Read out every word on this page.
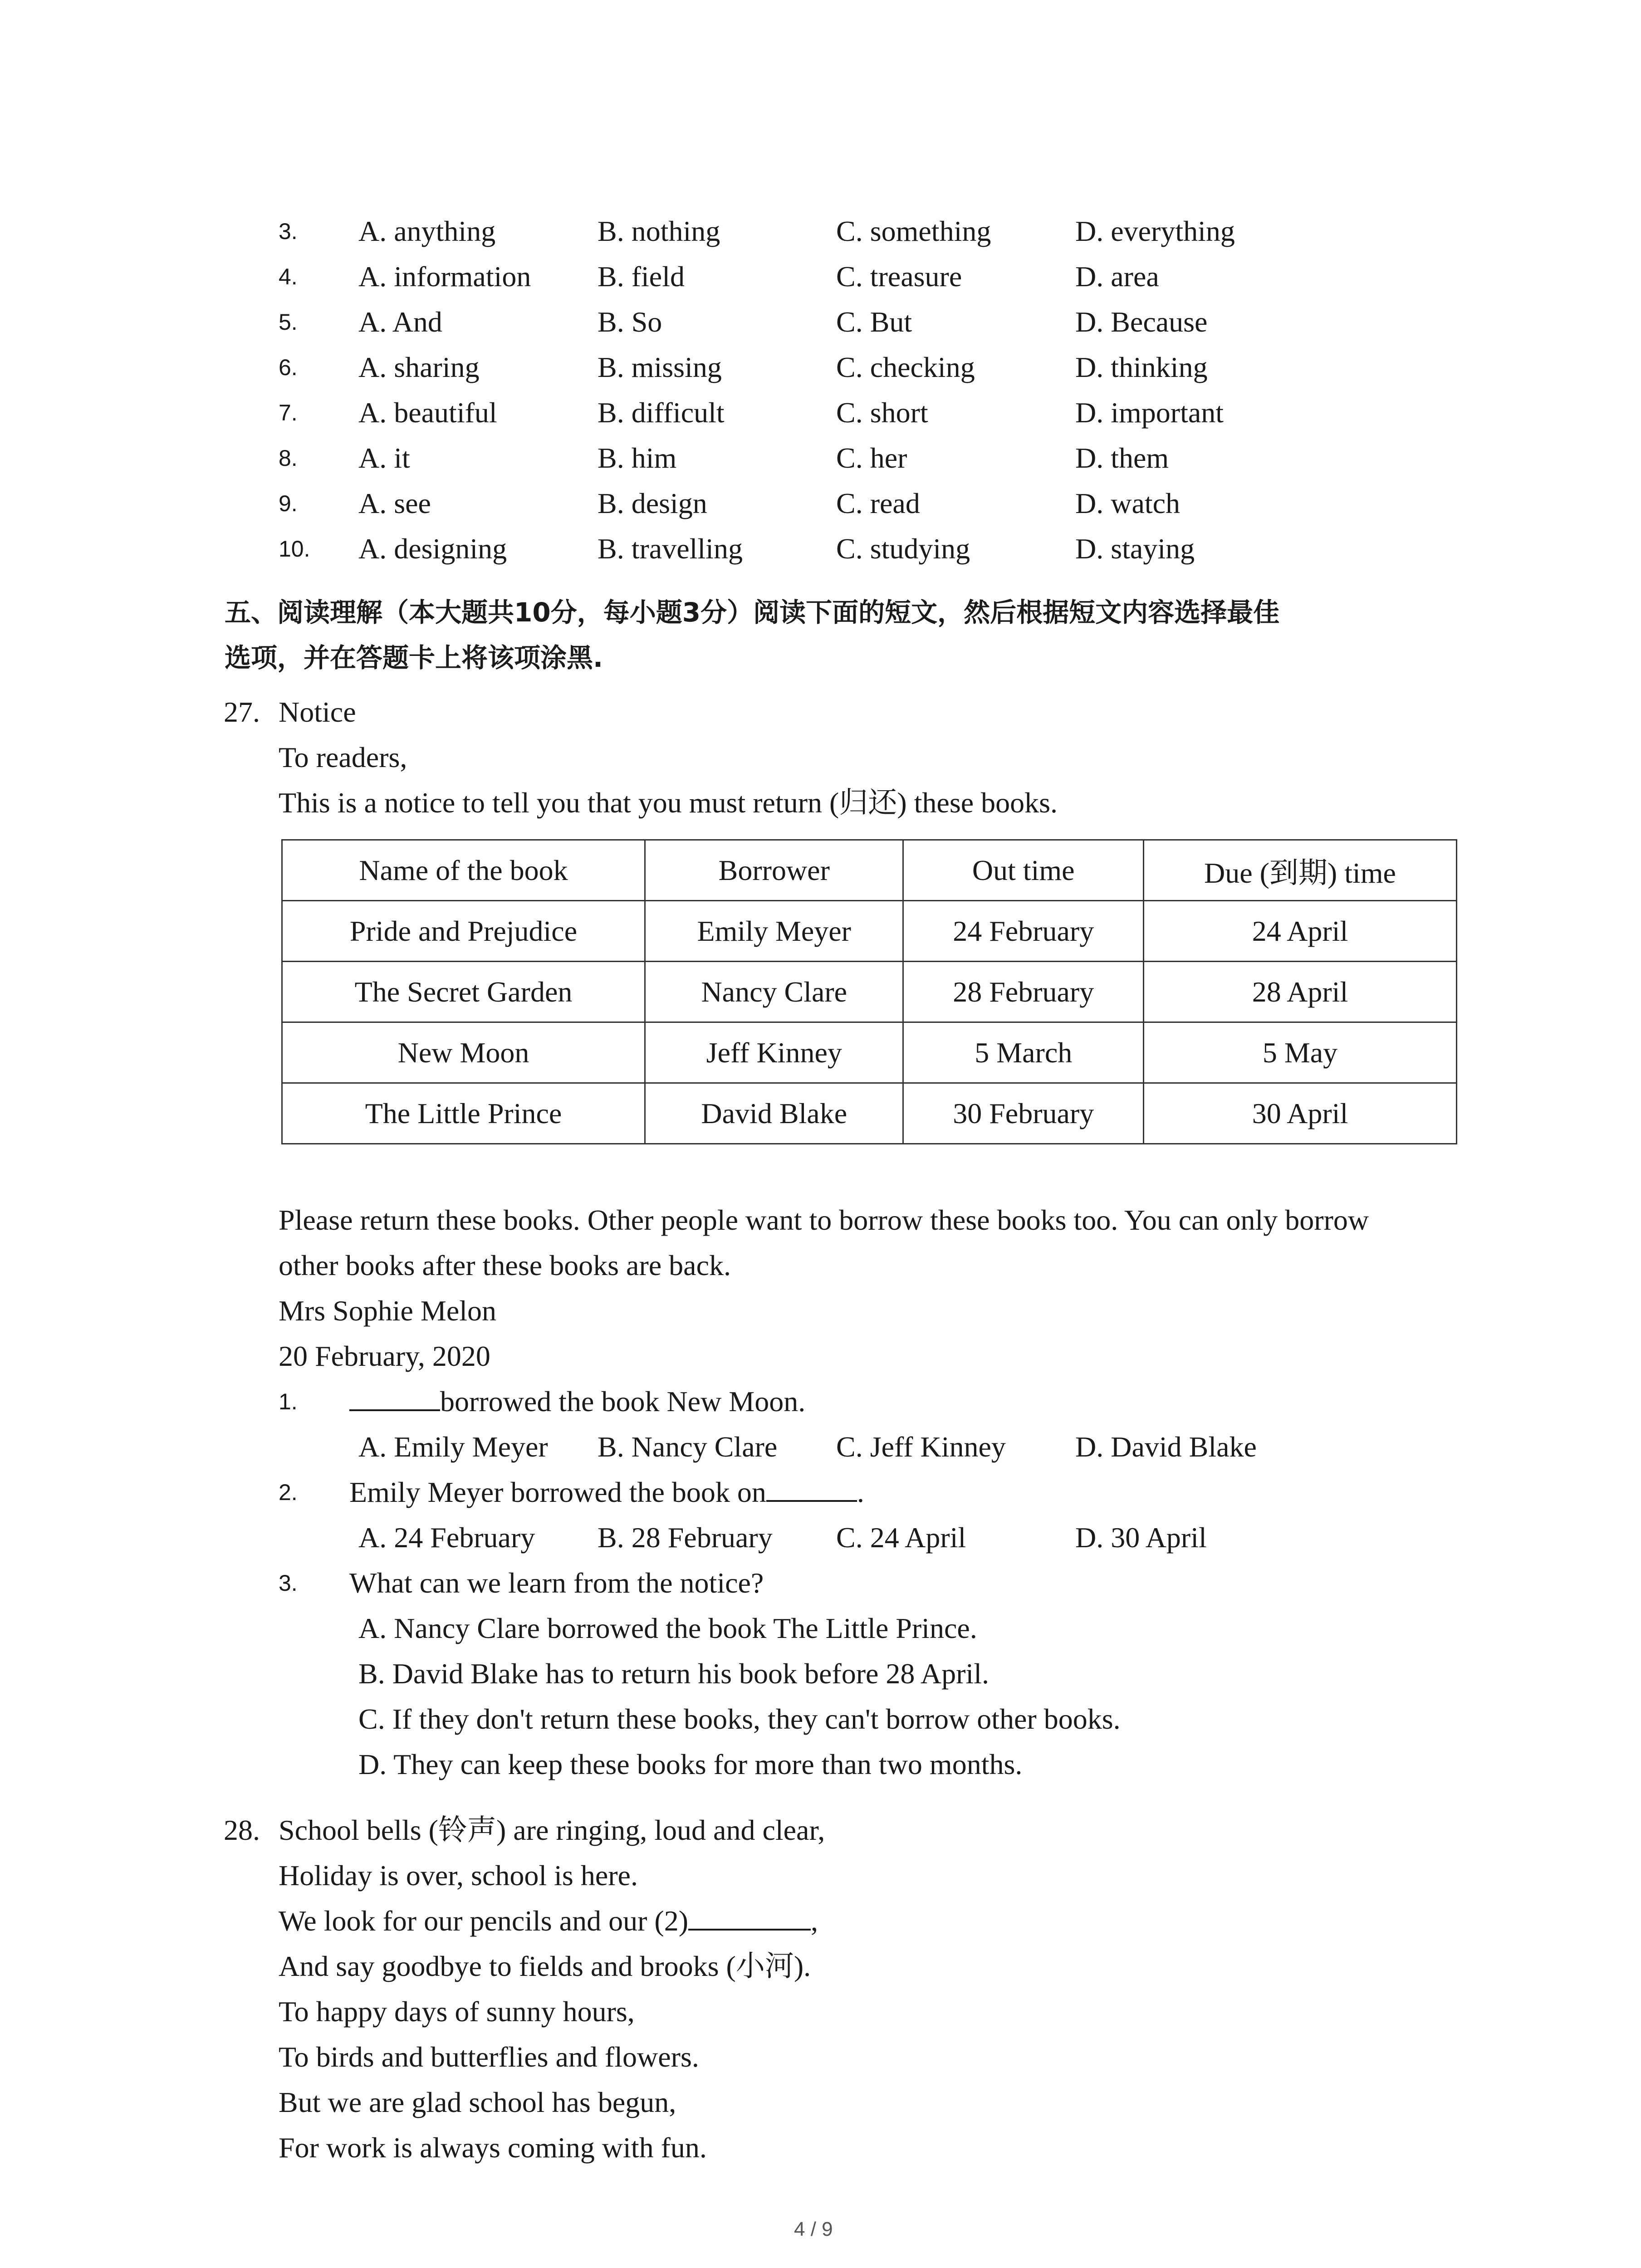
3. A. anything	B. nothing	C. something	D. everything
4. A. information B. field	C. treasure	D. area
5. A. And	B. So	C. But	D. Because
6. A. sharing	B. missing	C. checking	D. thinking
7. A. beautiful	B. difficult	C. short	D. important
8. A. it	B. him	C. her	D. them
9. A. see	B. design	C. read	D. watch
10. A. designing	B. travelling	C. studying	D. staying
五、阅读理解（本大题共10分，每小题3分）阅读下面的短文，然后根据短文内容选择最佳
选项，并在答题卡上将该项涂黑.
27. Notice
To readers,
This is a notice to tell you that you must return (归还) these books.
Name of the book	Borrower	Out time	Due (到期) time
Pride and Prejudice	Emily Meyer	24 February	24 April
The Secret Garden	Nancy Clare	28 February	28 April
New Moon	Jeff Kinney	5 March	5 May
The Little Prince	David Blake	30 February	30 April
Please return these books. Other people want to borrow these books too. You can only borrow
other books after these books are back.
Mrs Sophie Melon
20 February, 2020
1.	borrowed the book New Moon.
A. Emily Meyer B. Nancy Clare C. Jeff Kinney D. David Blake
2. Emily Meyer borrowed the book on	.
A. 24 February B. 28 February C. 24 April	D. 30 April
3. What can we learn from the notice?
A. Nancy Clare borrowed the book The Little Prince.
B. David Blake has to return his book before 28 April.
C. If they don't return these books, they can't borrow other books.
D. They can keep these books for more than two months.
28. School bells (铃声) are ringing, loud and clear,
Holiday is over, school is here.
We look for our pencils and our (2)	,
And say goodbye to fields and brooks (小河).
To happy days of sunny hours,
To birds and butterflies and flowers.
But we are glad school has begun,
For work is always coming with fun.
4 / 9
